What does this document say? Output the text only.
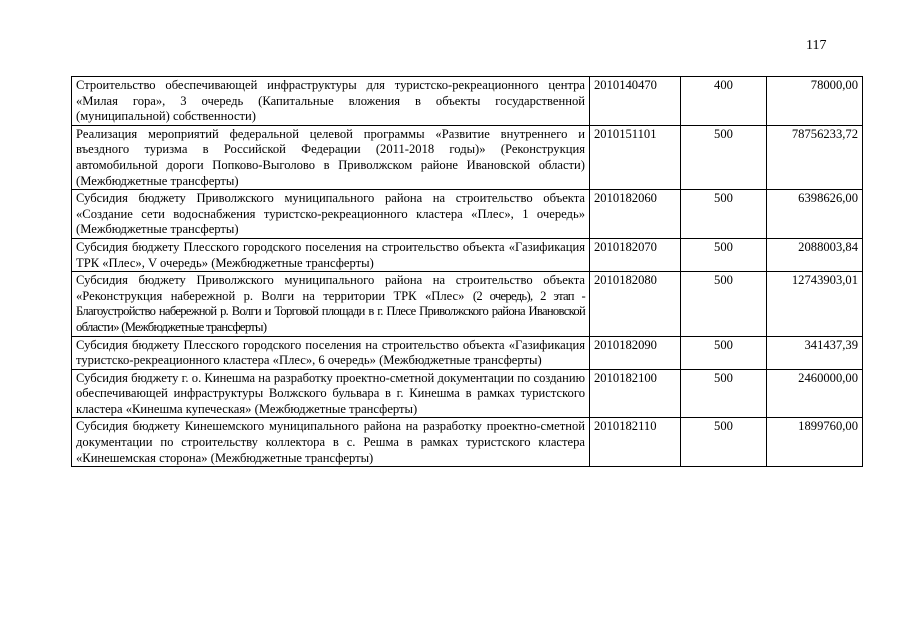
117
Строительство обеспечивающей инфраструктуры для туристско-рекреационного центра «Милая гора», 3 очередь (Капитальные вложения в объекты государственной (муниципальной) собственности)	2010140470	400	78000,00
Реализация мероприятий федеральной целевой программы «Развитие внутреннего и въездного туризма в Российской Федерации (2011-2018 годы)» (Реконструкция автомобильной дороги Попково-Выголово в Приволжском районе Ивановской области) (Межбюджетные трансферты)	2010151101	500	78756233,72
Субсидия бюджету Приволжского муниципального района на строительство объекта «Создание сети водоснабжения туристско-рекреационного кластера «Плес», 1 очередь» (Межбюджетные трансферты)	2010182060	500	6398626,00
Субсидия бюджету Плесского городского поселения на строительство объекта «Газификация ТРК «Плес», V очередь» (Межбюджетные трансферты)	2010182070	500	2088003,84
Субсидия бюджету Приволжского муниципального района на строительство объекта «Реконструкция набережной р. Волги на территории ТРК «Плес» (2 очередь), 2 этап - Благоустройство набережной р. Волги и Торговой площади в г. Плесе Приволжского района Ивановской области» (Межбюджетные трансферты)	2010182080	500	12743903,01
Субсидия бюджету Плесского городского поселения на строительство объекта «Газификация туристско-рекреационного кластера «Плес», 6 очередь» (Межбюджетные трансферты)	2010182090	500	341437,39
Субсидия бюджету г. о. Кинешма на разработку проектно-сметной документации по созданию обеспечивающей инфраструктуры Волжского бульвара в г. Кинешма в рамках туристского кластера «Кинешма купеческая» (Межбюджетные трансферты)	2010182100	500	2460000,00
Субсидия бюджету Кинешемского муниципального района на разработку проектно-сметной документации по строительству коллектора в с. Решма в рамках туристского кластера «Кинешемская сторона» (Межбюджетные трансферты)	2010182110	500	1899760,00
